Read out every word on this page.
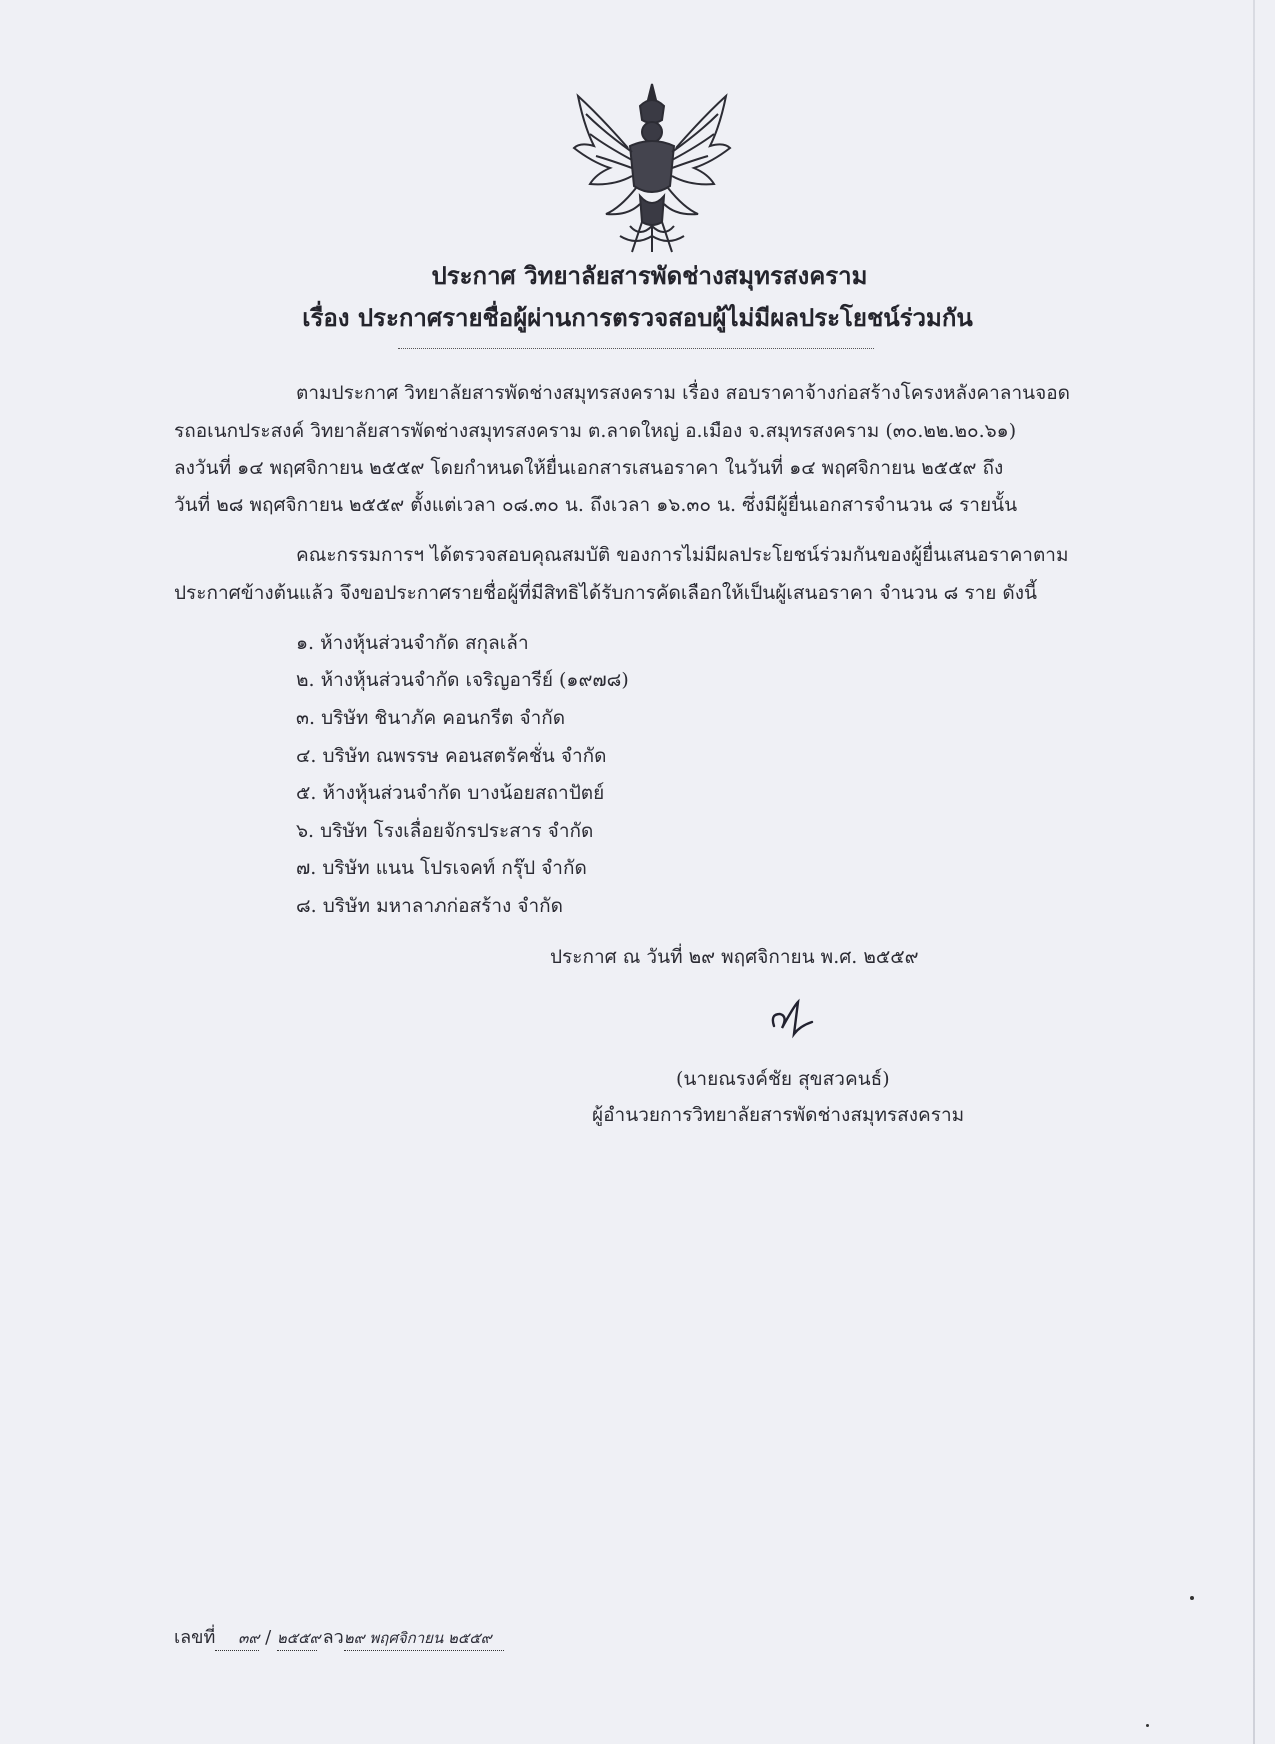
ประกาศ วิทยาลัยสารพัดช่างสมุทรสงคราม
เรื่อง ประกาศรายชื่อผู้ผ่านการตรวจสอบผู้ไม่มีผลประโยชน์ร่วมกัน
ตามประกาศ วิทยาลัยสารพัดช่างสมุทรสงคราม เรื่อง สอบราคาจ้างก่อสร้างโครงหลังคาลานจอด
รถอเนกประสงค์ วิทยาลัยสารพัดช่างสมุทรสงคราม ต.ลาดใหญ่ อ.เมือง จ.สมุทรสงคราม (๓๐.๒๒.๒๐.๖๑)
ลงวันที่ ๑๔ พฤศจิกายน ๒๕๕๙ โดยกำหนดให้ยื่นเอกสารเสนอราคา ในวันที่ ๑๔ พฤศจิกายน ๒๕๕๙ ถึง
วันที่ ๒๘ พฤศจิกายน ๒๕๕๙ ตั้งแต่เวลา ๐๘.๓๐ น. ถึงเวลา ๑๖.๓๐ น. ซึ่งมีผู้ยื่นเอกสารจำนวน ๘ รายนั้น
คณะกรรมการฯ ได้ตรวจสอบคุณสมบัติ ของการไม่มีผลประโยชน์ร่วมกันของผู้ยื่นเสนอราคาตาม
ประกาศข้างต้นแล้ว จึงขอประกาศรายชื่อผู้ที่มีสิทธิได้รับการคัดเลือกให้เป็นผู้เสนอราคา จำนวน ๘ ราย ดังนี้
๑. ห้างหุ้นส่วนจำกัด สกุลเล้า
๒. ห้างหุ้นส่วนจำกัด เจริญอารีย์ (๑๙๗๘)
๓. บริษัท ชินาภัค คอนกรีต จำกัด
๔. บริษัท ณพรรษ คอนสตรัคชั่น จำกัด
๕. ห้างหุ้นส่วนจำกัด บางน้อยสถาปัตย์
๖. บริษัท โรงเลื่อยจักรประสาร จำกัด
๗. บริษัท แนน โปรเจคท์ กรุ๊ป จำกัด
๘. บริษัท มหาลาภก่อสร้าง จำกัด
ประกาศ ณ วันที่ ๒๙ พฤศจิกายน พ.ศ. ๒๕๕๙
(นายณรงค์ชัย สุขสวคนธ์)
ผู้อำนวยการวิทยาลัยสารพัดช่างสมุทรสงคราม
เลขที่ ๓๙ / ๒๕๕๙ ลว๒๙ พฤศจิกายน ๒๕๕๙
